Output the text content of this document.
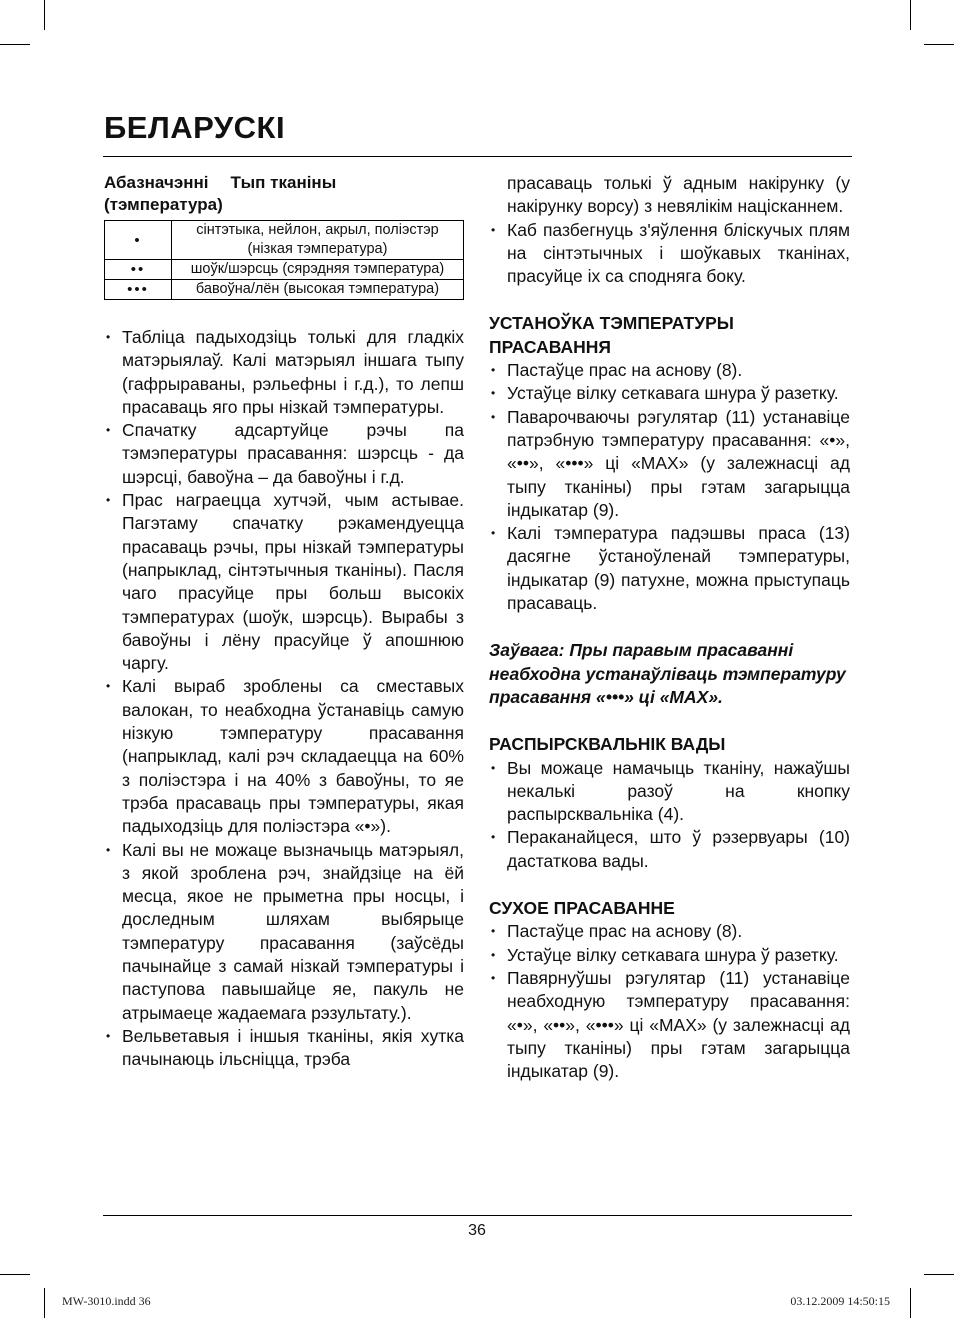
БЕЛАРУСКІ
Абазначэнні Тып тканіны
(тэмпература)
•	сінтэтыка, нейлон, акрыл, поліэстэр (нізкая тэмпература)
••	шоўк/шэрсць (сярэдняя тэмпература)
•••	бавоўна/лён (высокая тэмпература)
• Табліца падыходзіць толькі для гладкіх матэрыялаў. Калі матэрыял іншага тыпу (гафрыраваны, рэльефны і г.д.), то лепш прасаваць яго пры нізкай тэмпературы.
• Спачатку адсартуйце рэчы па тэмэпературы прасавання: шэрсць - да шэрсці, бавоўна – да бавоўны і г.д.
• Прас награецца хутчэй, чым астывае. Пагэтаму спачатку рэкамендуецца прасаваць рэчы, пры нізкай тэмпературы (напрыклад, сінтэтычныя тканіны). Пасля чаго прасуйце пры больш высокіх тэмпературах (шоўк, шэрсць). Вырабы з бавоўны і лёну прасуйце ў апошнюю чаргу.
• Калі выраб зроблены са сместавых валокан, то неабходна ўстанавіць самую нізкую тэмпературу прасавання (напрыклад, калі рэч складаецца на 60% з поліэстэра і на 40% з бавоўны, то яе трэба прасаваць пры тэмпературы, якая падыходзіць для поліэстэра «•»).
• Калі вы не можаце вызначыць матэрыял, з якой зроблена рэч, знайдзіце на ёй месца, якое не прыметна пры носцы, і доследным шляхам выбярыце тэмпературу прасавання (заўсёды пачынайце з самай нізкай тэмпературы і паступова павышайце яе, пакуль не атрымаеце жадаемага рэзультату.).
• Вельветавыя і іншыя тканіны, якія хутка пачынаюць ільсніцца, трэба
прасаваць толькі ў адным накірунку (у накірунку ворсу) з невялікім націсканнем.
• Каб пазбегнуць з'яўлення бліскучых плям на сінтэтычных і шоўкавых тканінах, прасуйце іх са споднягa боку.

УСТАНОЎКА ТЭМПЕРАТУРЫ ПРАСАВАННЯ

• Пастаўце прас на аснову (8).
• Устаўце вілку сеткавага шнура ў разетку.
• Паварочваючы рэгулятар (11) устанавіце патрэбную тэмпературу прасавання: «•», «••», «•••» ці «MAX» (у залежнасці ад тыпу тканіны) пры гэтам загарыцца індыкатар (9).
• Калі тэмпература падэшвы праса (13) дасягне ўстаноўленай тэмпературы, індыкатар (9) патухне, можна прыступаць прасаваць.

Заўвага: Пры паравым прасаванні неабходна устанаўліваць тэмпературу прасавання «•••» ці «MAX».

РАСПЫРСКВАЛЬНІК ВАДЫ

• Вы можаце намачыць тканіну, нажаўшы некалькі разоў на кнопку распырсквальніка (4).
• Пераканайцеся, што ў рэзервуары (10) дастаткова вады.

СУХОЕ ПРАСАВАННЕ

• Пастаўце прас на аснову (8).
• Устаўце вілку сеткавага шнура ў разетку.
• Павярнуўшы рэгулятар (11) устанавіце неабходную тэмпературу прасавання: «•», «••», «•••» ці «MAX» (у залежнасці ад тыпу тканіны) пры гэтам загарыцца індыкатар (9).
36
MW-3010.indd 36	03.12.2009 14:50:15
